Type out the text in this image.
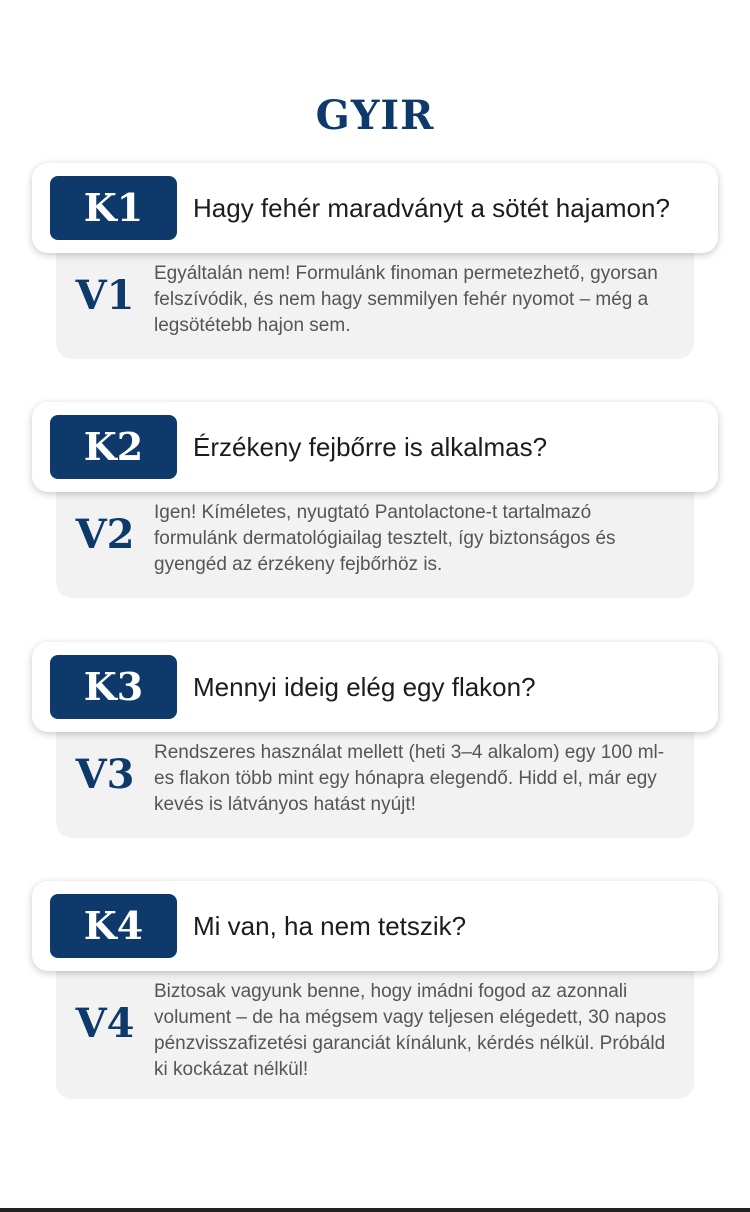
GYIR
V1 Egyáltalán nem! Formulánk finoman permetezhető, gyorsan felszívódik, és nem hagy semmilyen fehér nyomot – még a legsötétebb hajon sem.
K1	Hagy fehér maradványt a sötét hajamon?
V2 Igen! Kíméletes, nyugtató Pantolactone-t tartalmazó formulánk dermatológiailag tesztelt, így biztonságos és gyengéd az érzékeny fejbőrhöz is.
K2	Érzékeny fejbőrre is alkalmas?
V3 Rendszeres használat mellett (heti 3–4 alkalom) egy 100 ml-es flakon több mint egy hónapra elegendő. Hidd el, már egy kevés is látványos hatást nyújt!
K3	Mennyi ideig elég egy flakon?
V4
Biztosak vagyunk benne, hogy imádni fogod az azonnali volument – de ha mégsem vagy teljesen elégedett, 30 napos pénzvisszafizetési garanciát kínálunk, kérdés nélkül. Próbáld ki kockázat nélkül!
K4	Mi van, ha nem tetszik?
